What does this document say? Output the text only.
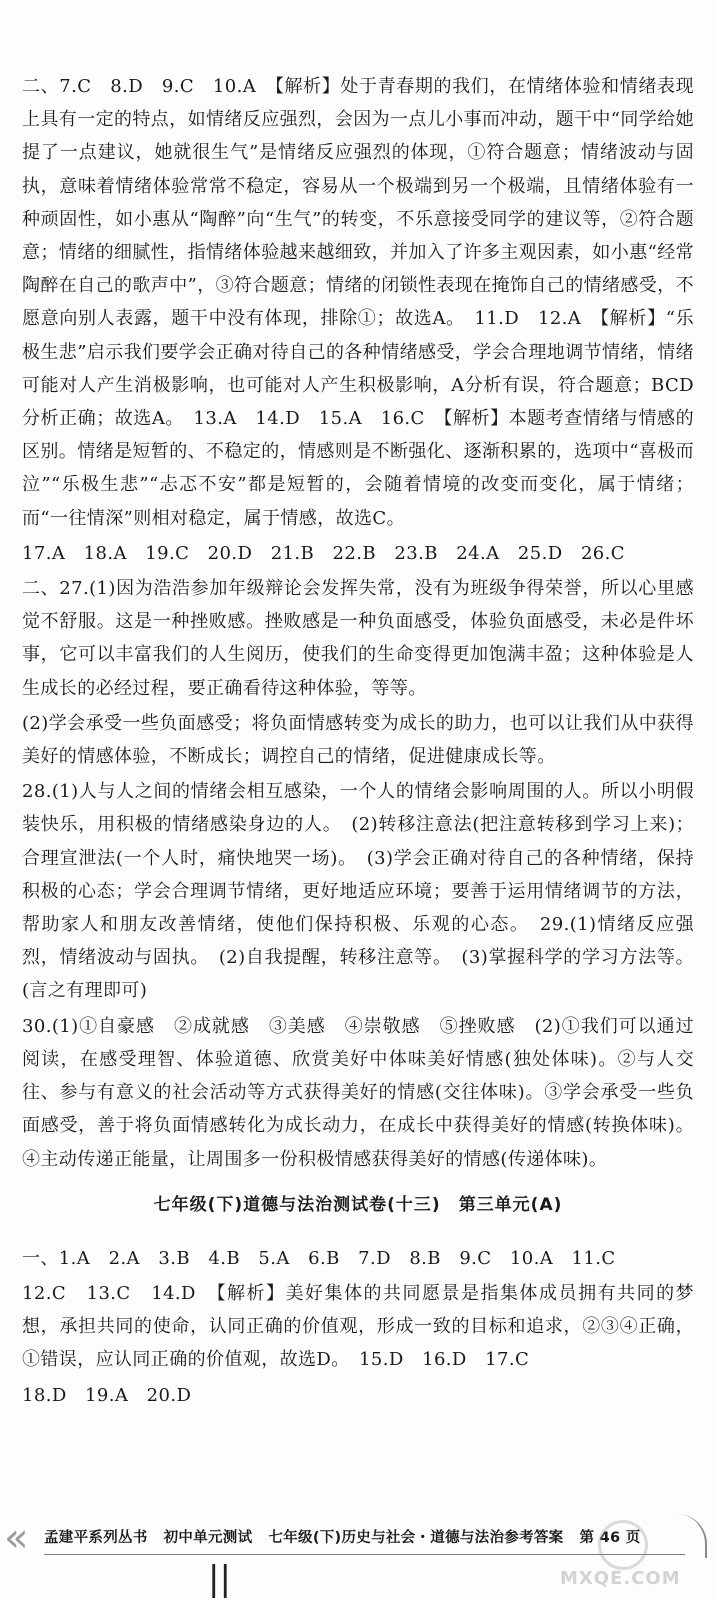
二、7.C　8.D　9.C　10.A　【解析】处于青春期的我们，在情绪体验和情绪表现上具有一定的特点，如情绪反应强烈，会因为一点儿小事而冲动，题干中“同学给她提了一点建议，她就很生气”是情绪反应强烈的体现，①符合题意；情绪波动与固执，意味着情绪体验常常不稳定，容易从一个极端到另一个极端，且情绪体验有一种顽固性，如小惠从“陶醉”向“生气”的转变，不乐意接受同学的建议等，②符合题意；情绪的细腻性，指情绪体验越来越细致，并加入了许多主观因素，如小惠“经常陶醉在自己的歌声中”，③符合题意；情绪的闭锁性表现在掩饰自己的情绪感受，不愿意向别人表露，题干中没有体现，排除①；故选A。　11.D　12.A　【解析】“乐极生悲”启示我们要学会正确对待自己的各种情绪感受，学会合理地调节情绪，情绪可能对人产生消极影响，也可能对人产生积极影响，A分析有误，符合题意；BCD分析正确；故选A。　13.A　14.D　15.A　16.C　【解析】本题考查情绪与情感的区别。情绪是短暂的、不稳定的，情感则是不断强化、逐渐积累的，选项中“喜极而泣”“乐极生悲”“忐忑不安”都是短暂的，会随着情境的改变而变化，属于情绪；而“一往情深”则相对稳定，属于情感，故选C。

17.A　18.A　19.C　20.D　21.B　22.B　23.B　24.A　25.D　26.C

二、27.(1)因为浩浩参加年级辩论会发挥失常，没有为班级争得荣誉，所以心里感觉不舒服。这是一种挫败感。挫败感是一种负面感受，体验负面感受，未必是件坏事，它可以丰富我们的人生阅历，使我们的生命变得更加饱满丰盈；这种体验是人生成长的必经过程，要正确看待这种体验，等等。

(2)学会承受一些负面感受；将负面情感转变为成长的助力，也可以让我们从中获得美好的情感体验，不断成长；调控自己的情绪，促进健康成长等。

28.(1)人与人之间的情绪会相互感染，一个人的情绪会影响周围的人。所以小明假装快乐，用积极的情绪感染身边的人。　(2)转移注意法(把注意转移到学习上来)；合理宣泄法(一个人时，痛快地哭一场)。　(3)学会正确对待自己的各种情绪，保持积极的心态；学会合理调节情绪，更好地适应环境；要善于运用情绪调节的方法，帮助家人和朋友改善情绪，使他们保持积极、乐观的心态。　29.(1)情绪反应强烈，情绪波动与固执。　(2)自我提醒，转移注意等。　(3)掌握科学的学习方法等。(言之有理即可)

30.(1)①自豪感　②成就感　③美感　④崇敬感　⑤挫败感　(2)①我们可以通过阅读，在感受理智、体验道德、欣赏美好中体味美好情感(独处体味)。②与人交往、参与有意义的社会活动等方式获得美好的情感(交往体味)。③学会承受一些负面感受，善于将负面情感转化为成长动力，在成长中获得美好的情感(转换体味)。④主动传递正能量，让周围多一份积极情感获得美好的情感(传递体味)。

七年级(下)道德与法治测试卷(十三) 第三单元(A)

一、1.A　2.A　3.B　4.B　5.A　6.B　7.D　8.B　9.C　10.A　11.C

12.C　13.C　14.D　【解析】美好集体的共同愿景是指集体成员拥有共同的梦想，承担共同的使命，认同正确的价值观，形成一致的目标和追求，②③④正确，①错误，应认同正确的价值观，故选D。　15.D　16.D　17.C

18.D　19.A　20.D

« 孟建平系列丛书 初中单元测试 七年级(下)历史与社会・道德与法治参考答案 第 46 页
||	MXQE.COM
